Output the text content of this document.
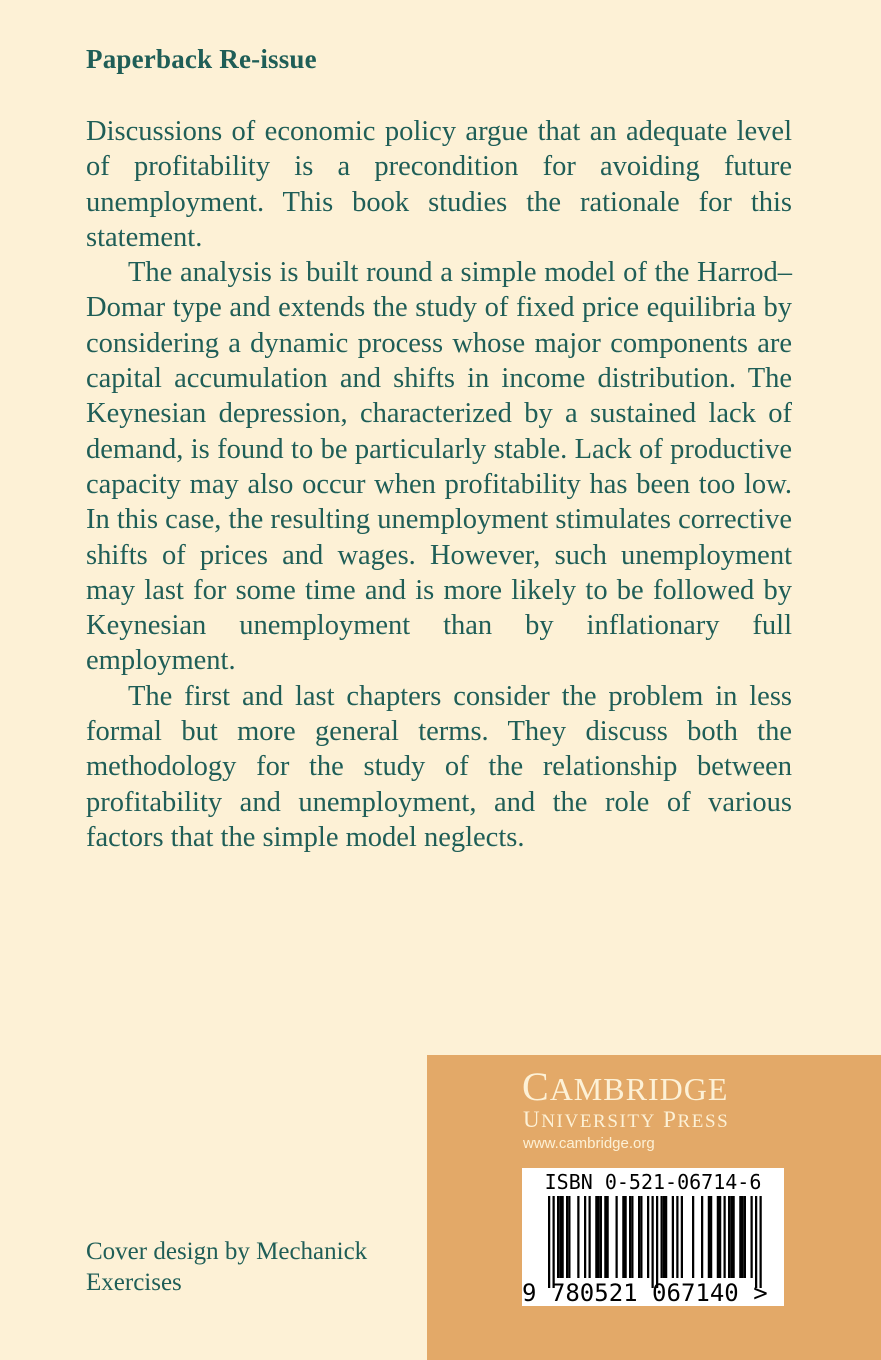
Paperback Re-issue

Discussions of economic policy argue that an adequate level of profitability is a precondition for avoiding future unemployment. This book studies the rationale for this statement.

The analysis is built round a simple model of the Harrod–Domar type and extends the study of fixed price equilibria by considering a dynamic process whose major components are capital accumulation and shifts in income distribution. The Keynesian depression, characterized by a sustained lack of demand, is found to be particularly stable. Lack of productive capacity may also occur when profitability has been too low. In this case, the resulting unemployment stimulates corrective shifts of prices and wages. However, such unemployment may last for some time and is more likely to be followed by Keynesian unemployment than by inflationary full employment.

The first and last chapters consider the problem in less formal but more general terms. They discuss both the methodology for the study of the relationship between profitability and unemployment, and the role of various factors that the simple model neglects.

Cover design by Mechanick Exercises
CAMBRIDGE
UNIVERSITY PRESS
www.cambridge.org
ISBN 0-521-06714-6
9 780521 067140 >
